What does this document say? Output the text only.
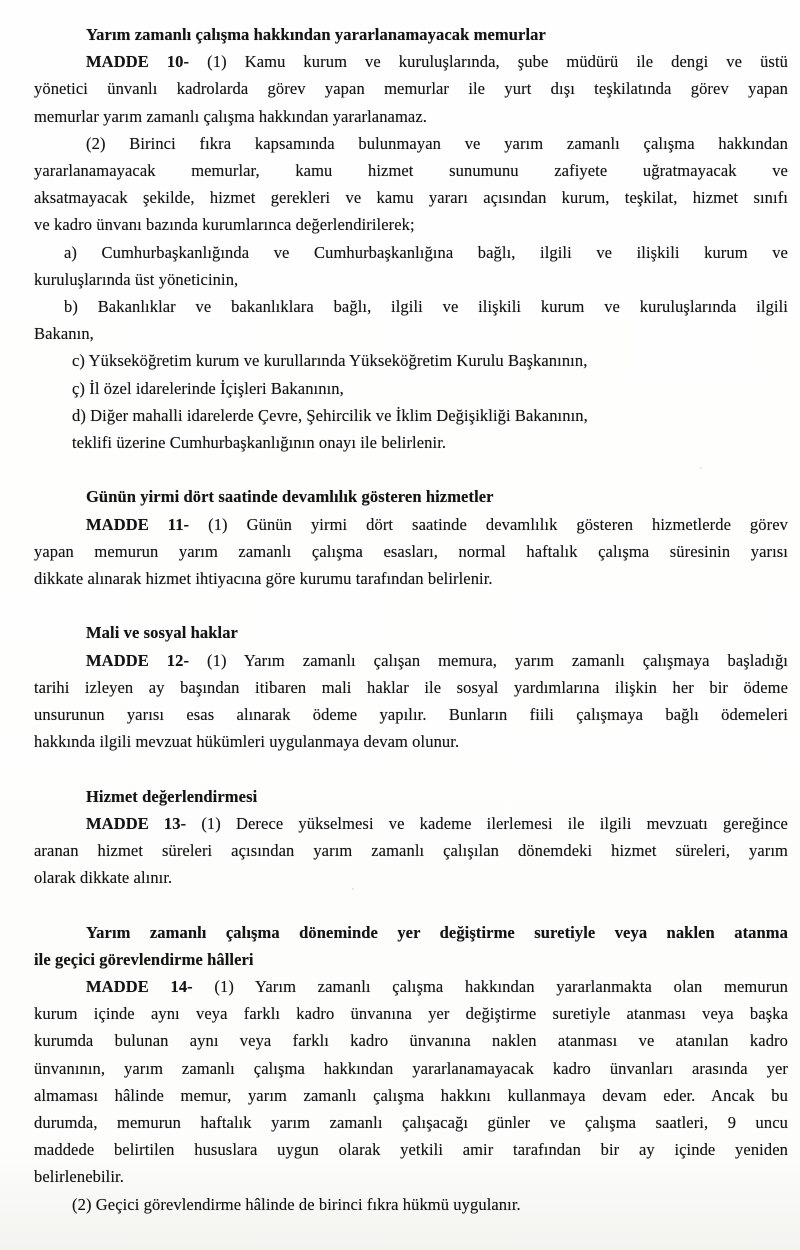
Yarım zamanlı çalışma hakkından yararlanamayacak memurlar
MADDE 10- (1) Kamu kurum ve kuruluşlarında, şube müdürü ile dengi ve üstü
yönetici ünvanlı kadrolarda görev yapan memurlar ile yurt dışı teşkilatında görev yapan
memurlar yarım zamanlı çalışma hakkından yararlanamaz.
(2) Birinci fıkra kapsamında bulunmayan ve yarım zamanlı çalışma hakkından
yararlanamayacak memurlar, kamu hizmet sunumunu zafiyete uğratmayacak ve
aksatmayacak şekilde, hizmet gerekleri ve kamu yararı açısından kurum, teşkilat, hizmet sınıfı
ve kadro ünvanı bazında kurumlarınca değerlendirilerek;
a) Cumhurbaşkanlığında ve Cumhurbaşkanlığına bağlı, ilgili ve ilişkili kurum ve
kuruluşlarında üst yöneticinin,
b) Bakanlıklar ve bakanlıklara bağlı, ilgili ve ilişkili kurum ve kuruluşlarında ilgili
Bakanın,
c) Yükseköğretim kurum ve kurullarında Yükseköğretim Kurulu Başkanının,
ç) İl özel idarelerinde İçişleri Bakanının,
d) Diğer mahalli idarelerde Çevre, Şehircilik ve İklim Değişikliği Bakanının,
teklifi üzerine Cumhurbaşkanlığının onayı ile belirlenir.
Günün yirmi dört saatinde devamlılık gösteren hizmetler
MADDE 11- (1) Günün yirmi dört saatinde devamlılık gösteren hizmetlerde görev
yapan memurun yarım zamanlı çalışma esasları, normal haftalık çalışma süresinin yarısı
dikkate alınarak hizmet ihtiyacına göre kurumu tarafından belirlenir.
Mali ve sosyal haklar
MADDE 12- (1) Yarım zamanlı çalışan memura, yarım zamanlı çalışmaya başladığı
tarihi izleyen ay başından itibaren mali haklar ile sosyal yardımlarına ilişkin her bir ödeme
unsurunun yarısı esas alınarak ödeme yapılır. Bunların fiili çalışmaya bağlı ödemeleri
hakkında ilgili mevzuat hükümleri uygulanmaya devam olunur.
Hizmet değerlendirmesi
MADDE 13- (1) Derece yükselmesi ve kademe ilerlemesi ile ilgili mevzuatı gereğince
aranan hizmet süreleri açısından yarım zamanlı çalışılan dönemdeki hizmet süreleri, yarım
olarak dikkate alınır.
Yarım zamanlı çalışma döneminde yer değiştirme suretiyle veya naklen atanma
ile geçici görevlendirme hâlleri
MADDE 14- (1) Yarım zamanlı çalışma hakkından yararlanmakta olan memurun
kurum içinde aynı veya farklı kadro ünvanına yer değiştirme suretiyle atanması veya başka
kurumda bulunan aynı veya farklı kadro ünvanına naklen atanması ve atanılan kadro
ünvanının, yarım zamanlı çalışma hakkından yararlanamayacak kadro ünvanları arasında yer
almaması hâlinde memur, yarım zamanlı çalışma hakkını kullanmaya devam eder. Ancak bu
durumda, memurun haftalık yarım zamanlı çalışacağı günler ve çalışma saatleri, 9 uncu
maddede belirtilen hususlara uygun olarak yetkili amir tarafından bir ay içinde yeniden
belirlenebilir.
(2) Geçici görevlendirme hâlinde de birinci fıkra hükmü uygulanır.
